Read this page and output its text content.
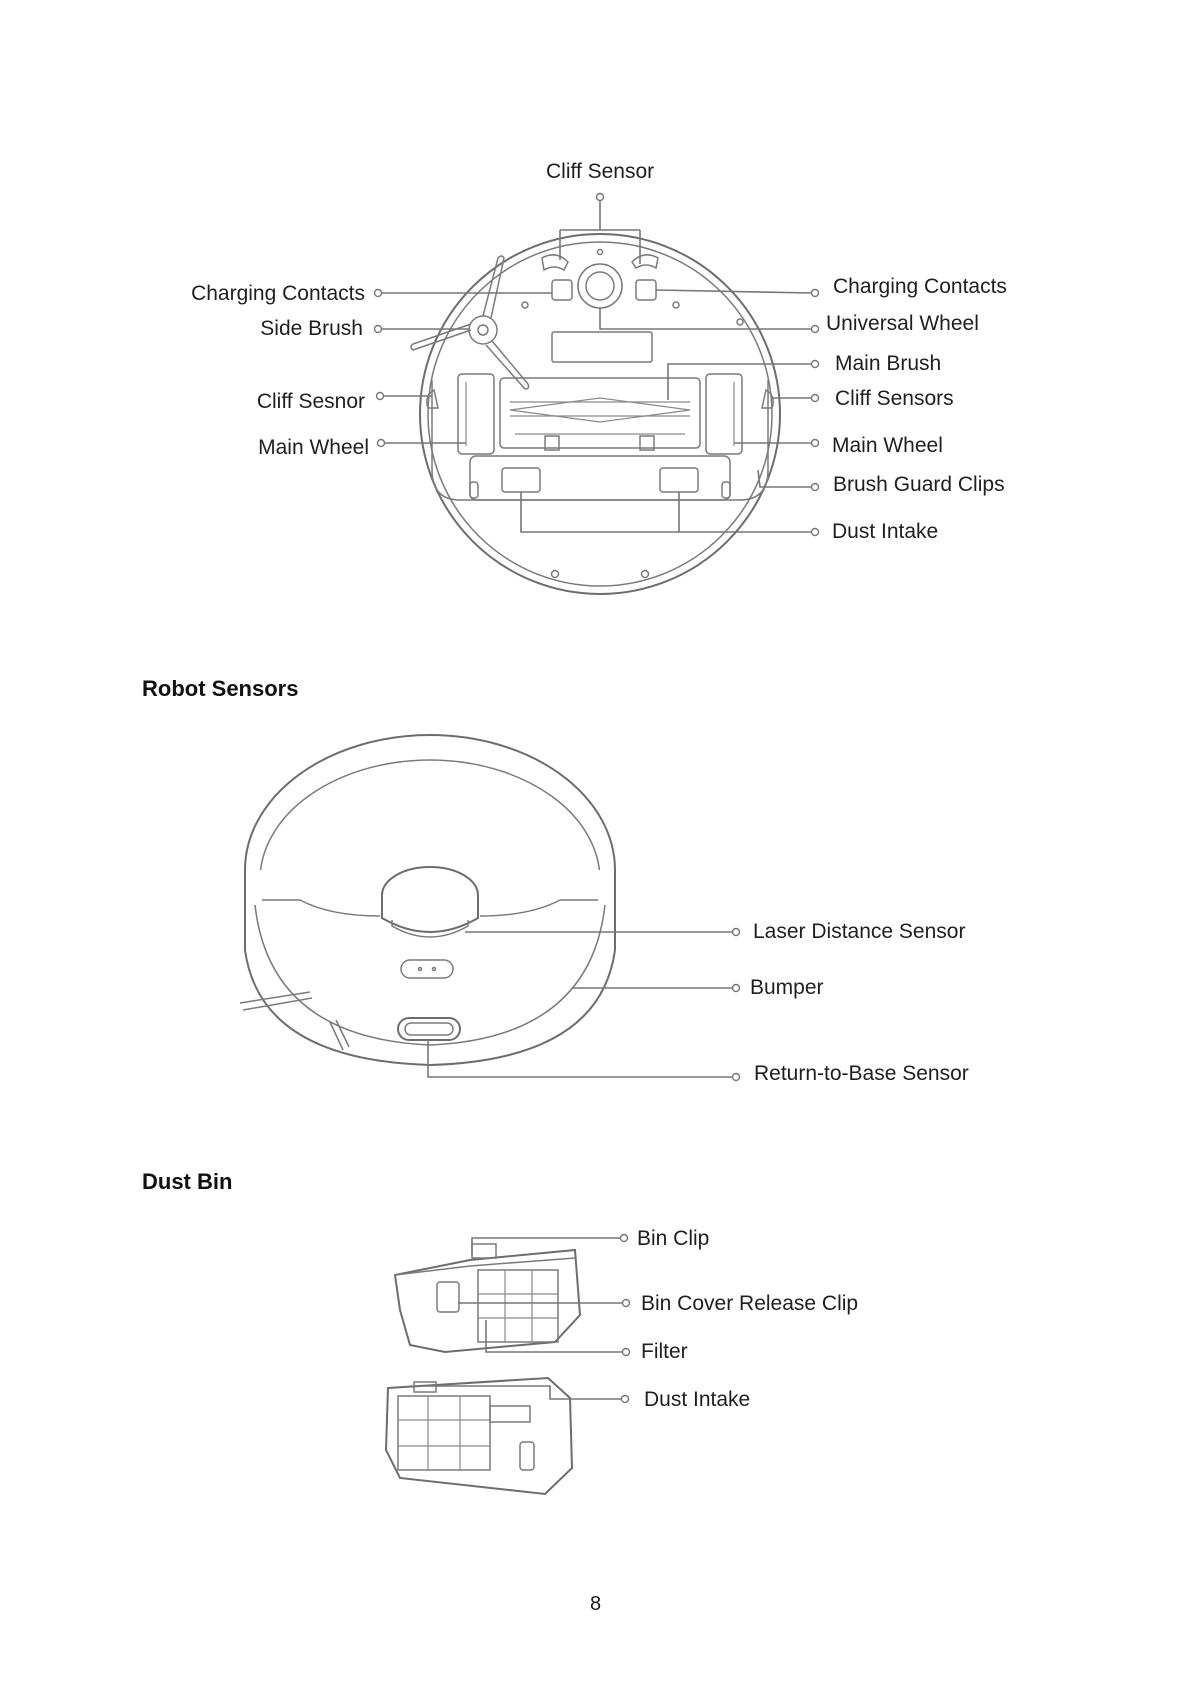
Cliff Sensor
Charging Contacts
Side Brush
Cliff Sesnor
Main Wheel
Charging Contacts
Universal Wheel
Main Brush
Cliff Sensors
Main Wheel
Brush Guard Clips
Dust Intake
Robot Sensors
Laser Distance Sensor
Bumper
Return-to-Base Sensor
Dust Bin
Bin Clip
Bin Cover Release Clip
Filter
Dust Intake
8
